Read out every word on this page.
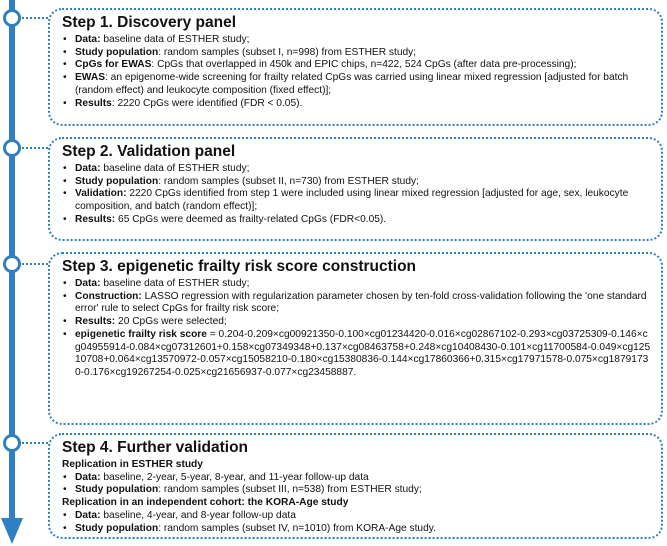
Step 1. Discovery panel
• Data: baseline data of ESTHER study;
• Study population: random samples (subset I, n=998) from ESTHER study;
• CpGs for EWAS: CpGs that overlapped in 450k and EPIC chips, n=422, 524 CpGs (after data pre-processing);
• EWAS: an epigenome-wide screening for frailty related CpGs was carried using linear mixed regression [adjusted for batch (random effect) and leukocyte composition (fixed effect)];
• Results: 2220 CpGs were identified (FDR < 0.05).
Step 2. Validation panel
• Data: baseline data of ESTHER study;
• Study population: random samples (subset II, n=730) from ESTHER study;
• Validation: 2220 CpGs identified from step 1 were included using linear mixed regression [adjusted for age, sex, leukocyte composition, and batch (random effect)];
• Results: 65 CpGs were deemed as frailty-related CpGs (FDR<0.05).
Step 3. epigenetic frailty risk score construction
• Data: baseline data of ESTHER study;
• Construction: LASSO regression with regularization parameter chosen by ten-fold cross-validation following the 'one standard error' rule to select CpGs for frailty risk score;
• Results: 20 CpGs were selected;
• epigenetic frailty risk score = 0.204-0.209×cg00921350-0.100×cg01234420-0.016×cg02867102-0.293×cg03725309-0.146×cg04955914-0.084×cg07312601+0.158×cg07349348+0.137×cg08463758+0.248×cg10408430-0.101×cg11700584-0.049×cg12510708+0.064×cg13570972-0.057×cg15058210-0.180×cg15380836-0.144×cg17860366+0.315×cg17971578-0.075×cg18791730-0.176×cg19267254-0.025×cg21656937-0.077×cg23458887.
Step 4. Further validation
Replication in ESTHER study
• Data: baseline, 2-year, 5-year, 8-year, and 11-year follow-up data
• Study population: random samples (subset III, n=538) from ESTHER study;
Replication in an independent cohort: the KORA-Age study
• Data: baseline, 4-year, and 8-year follow-up data
• Study population: random samples (subset IV, n=1010) from KORA-Age study.
